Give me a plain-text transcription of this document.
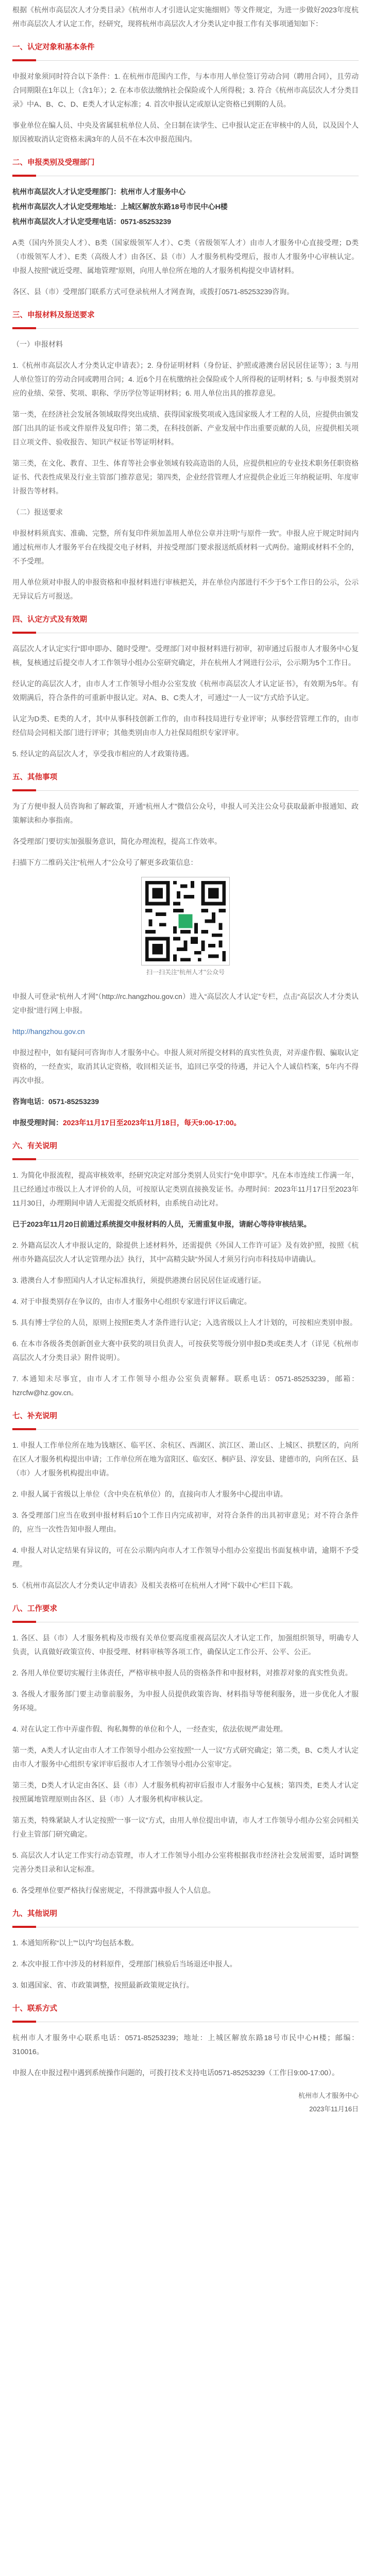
根据《杭州市高层次人才分类目录》《杭州市人才引进认定实施细则》等文件规定，为进一步做好2023年度杭州市高层次人才认定工作，经研究，现将杭州市高层次人才分类认定申报工作有关事项通知如下：

一、认定对象和基本条件

申报对象须同时符合以下条件：1. 在杭州市范围内工作，与本市用人单位签订劳动合同（聘用合同），且劳动合同期限在1年以上（含1年）；2. 在本市依法缴纳社会保险或个人所得税；3. 符合《杭州市高层次人才分类目录》中A、B、C、D、E类人才认定标准；4. 首次申报认定或原认定资格已到期的人员。

事业单位在编人员、中央及省属驻杭单位人员、全日制在读学生、已申报认定正在审核中的人员，以及因个人原因被取消认定资格未满3年的人员不在本次申报范围内。

二、申报类别及受理部门

杭州市高层次人才认定受理部门：杭州市人才服务中心

杭州市高层次人才认定受理地址：上城区解放东路18号市民中心H楼

杭州市高层次人才认定受理电话：0571-85253239

A类（国内外顶尖人才）、B类（国家级领军人才）、C类（省级领军人才）由市人才服务中心直接受理；D类（市级领军人才）、E类（高级人才）由各区、县（市）人才服务机构受理后，报市人才服务中心审核认定。申报人按照“就近受理、属地管理”原则，向用人单位所在地的人才服务机构提交申请材料。

各区、县（市）受理部门联系方式可登录杭州人才网查询，或拨打0571-85253239咨询。

三、申报材料及报送要求

（一）申报材料

1.《杭州市高层次人才分类认定申请表》；2. 身份证明材料（身份证、护照或港澳台居民居住证等）；3. 与用人单位签订的劳动合同或聘用合同；4. 近6个月在杭缴纳社会保险或个人所得税的证明材料；5. 与申报类别对应的业绩、荣誉、奖项、职称、学历学位等证明材料；6. 用人单位出具的推荐意见。

第一类，在经济社会发展各领域取得突出成绩、获得国家级奖项或入选国家级人才工程的人员，应提供由颁发部门出具的证书或文件原件及复印件；第二类，在科技创新、产业发展中作出重要贡献的人员，应提供相关项目立项文件、验收报告、知识产权证书等证明材料。

第三类，在文化、教育、卫生、体育等社会事业领域有较高造诣的人员，应提供相应的专业技术职务任职资格证书、代表性成果及行业主管部门推荐意见；第四类，企业经营管理人才应提供企业近三年纳税证明、年度审计报告等材料。

（二）报送要求

申报材料须真实、准确、完整，所有复印件须加盖用人单位公章并注明“与原件一致”。申报人应于规定时间内通过杭州市人才服务平台在线提交电子材料，并按受理部门要求报送纸质材料一式两份。逾期或材料不全的，不予受理。

用人单位须对申报人的申报资格和申报材料进行审核把关，并在单位内部进行不少于5个工作日的公示，公示无异议后方可报送。

四、认定方式及有效期

高层次人才认定实行“即申即办、随时受理”。受理部门对申报材料进行初审，初审通过后报市人才服务中心复核，复核通过后提交市人才工作领导小组办公室研究确定，并在杭州人才网进行公示，公示期为5个工作日。

经认定的高层次人才，由市人才工作领导小组办公室发放《杭州市高层次人才认定证书》，有效期为5年。有效期满后，符合条件的可重新申报认定。对A、B、C类人才，可通过“一人一议”方式给予认定。

认定为D类、E类的人才，其中从事科技创新工作的，由市科技局进行专业评审；从事经营管理工作的，由市经信局会同相关部门进行评审；其他类别由市人力社保局组织专家评审。

5. 经认定的高层次人才，享受我市相应的人才政策待遇。

五、其他事项

为了方便申报人员咨询和了解政策，开通“杭州人才”微信公众号，申报人可关注公众号获取最新申报通知、政策解读和办事指南。

各受理部门要切实加强服务意识，简化办理流程，提高工作效率。

扫描下方二维码关注“杭州人才”公众号了解更多政策信息：

扫一扫关注“杭州人才”公众号

申报人可登录“杭州人才网”（http://rc.hangzhou.gov.cn）进入“高层次人才认定”专栏，点击“高层次人才分类认定申报”进行网上申报。

http://hangzhou.gov.cn

申报过程中，如有疑问可咨询市人才服务中心。申报人须对所提交材料的真实性负责，对弄虚作假、骗取认定资格的，一经查实，取消其认定资格，收回相关证书，追回已享受的待遇，并记入个人诚信档案，5年内不得再次申报。

咨询电话：0571-85253239

申报受理时间：2023年11月17日至2023年11月18日，每天9:00-17:00。

六、有关说明

1. 为简化申报流程，提高审核效率，经研究决定对部分类别人员实行“免申即享”。凡在本市连续工作满一年，且已经通过市级以上人才评价的人员，可按原认定类别直接换发证书。办理时间：2023年11月17日至2023年11月30日，办理期间申请人无需提交纸质材料，由系统自动比对。

已于2023年11月20日前通过系统提交申报材料的人员，无需重复申报，请耐心等待审核结果。

2. 外籍高层次人才申报认定的，除提供上述材料外，还需提供《外国人工作许可证》及有效护照，按照《杭州市外籍高层次人才认定管理办法》执行，其中“高精尖缺”外国人才须另行向市科技局申请确认。

3. 港澳台人才参照国内人才认定标准执行，须提供港澳台居民居住证或通行证。

4. 对于申报类别存在争议的，由市人才服务中心组织专家进行评议后确定。

5. 具有博士学位的人员，原则上按照E类人才条件进行认定；入选省级以上人才计划的，可按相应类别申报。

6. 在本市各级各类创新创业大赛中获奖的项目负责人，可按获奖等级分别申报D类或E类人才（详见《杭州市高层次人才分类目录》附件说明）。

7. 本通知未尽事宜，由市人才工作领导小组办公室负责解释。联系电话：0571-85253239，邮箱：hzrcfw@hz.gov.cn。

七、补充说明

1. 申报人工作单位所在地为钱塘区、临平区、余杭区、西湖区、滨江区、萧山区、上城区、拱墅区的，向所在区人才服务机构提出申请；工作单位所在地为富阳区、临安区、桐庐县、淳安县、建德市的，向所在区、县（市）人才服务机构提出申请。

2. 申报人属于省级以上单位（含中央在杭单位）的，直接向市人才服务中心提出申请。

3. 各受理部门应当在收到申报材料后10个工作日内完成初审，对符合条件的出具初审意见；对不符合条件的，应当一次性告知申报人理由。

4. 申报人对认定结果有异议的，可在公示期内向市人才工作领导小组办公室提出书面复核申请，逾期不予受理。

5.《杭州市高层次人才分类认定申请表》及相关表格可在杭州人才网“下载中心”栏目下载。

八、工作要求

1. 各区、县（市）人才服务机构及市级有关单位要高度重视高层次人才认定工作，加强组织领导，明确专人负责，认真做好政策宣传、申报受理、材料审核等各项工作，确保认定工作公开、公平、公正。

2. 各用人单位要切实履行主体责任，严格审核申报人员的资格条件和申报材料，对推荐对象的真实性负责。

3. 各级人才服务部门要主动靠前服务，为申报人员提供政策咨询、材料指导等便利服务，进一步优化人才服务环境。

4. 对在认定工作中弄虚作假、徇私舞弊的单位和个人，一经查实，依法依规严肃处理。

第一类，A类人才认定由市人才工作领导小组办公室按照“一人一议”方式研究确定；第二类，B、C类人才认定由市人才服务中心组织专家评审后报市人才工作领导小组办公室审定。

第三类，D类人才认定由各区、县（市）人才服务机构初审后报市人才服务中心复核；第四类，E类人才认定按照属地管理原则由各区、县（市）人才服务机构审核认定。

第五类，特殊紧缺人才认定按照“一事一议”方式，由用人单位提出申请，市人才工作领导小组办公室会同相关行业主管部门研究确定。

5. 高层次人才认定工作实行动态管理，市人才工作领导小组办公室将根据我市经济社会发展需要，适时调整完善分类目录和认定标准。

6. 各受理单位要严格执行保密规定，不得泄露申报人个人信息。

九、其他说明

1. 本通知所称“以上”“以内”均包括本数。

2. 本次申报工作中涉及的材料原件，受理部门核验后当场退还申报人。

3. 如遇国家、省、市政策调整，按照最新政策规定执行。

十、联系方式

杭州市人才服务中心联系电话：0571-85253239；地址：上城区解放东路18号市民中心H楼；邮编：310016。

申报人在申报过程中遇到系统操作问题的，可拨打技术支持电话0571-85253239（工作日9:00-17:00）。

杭州市人才服务中心
2023年11月16日
